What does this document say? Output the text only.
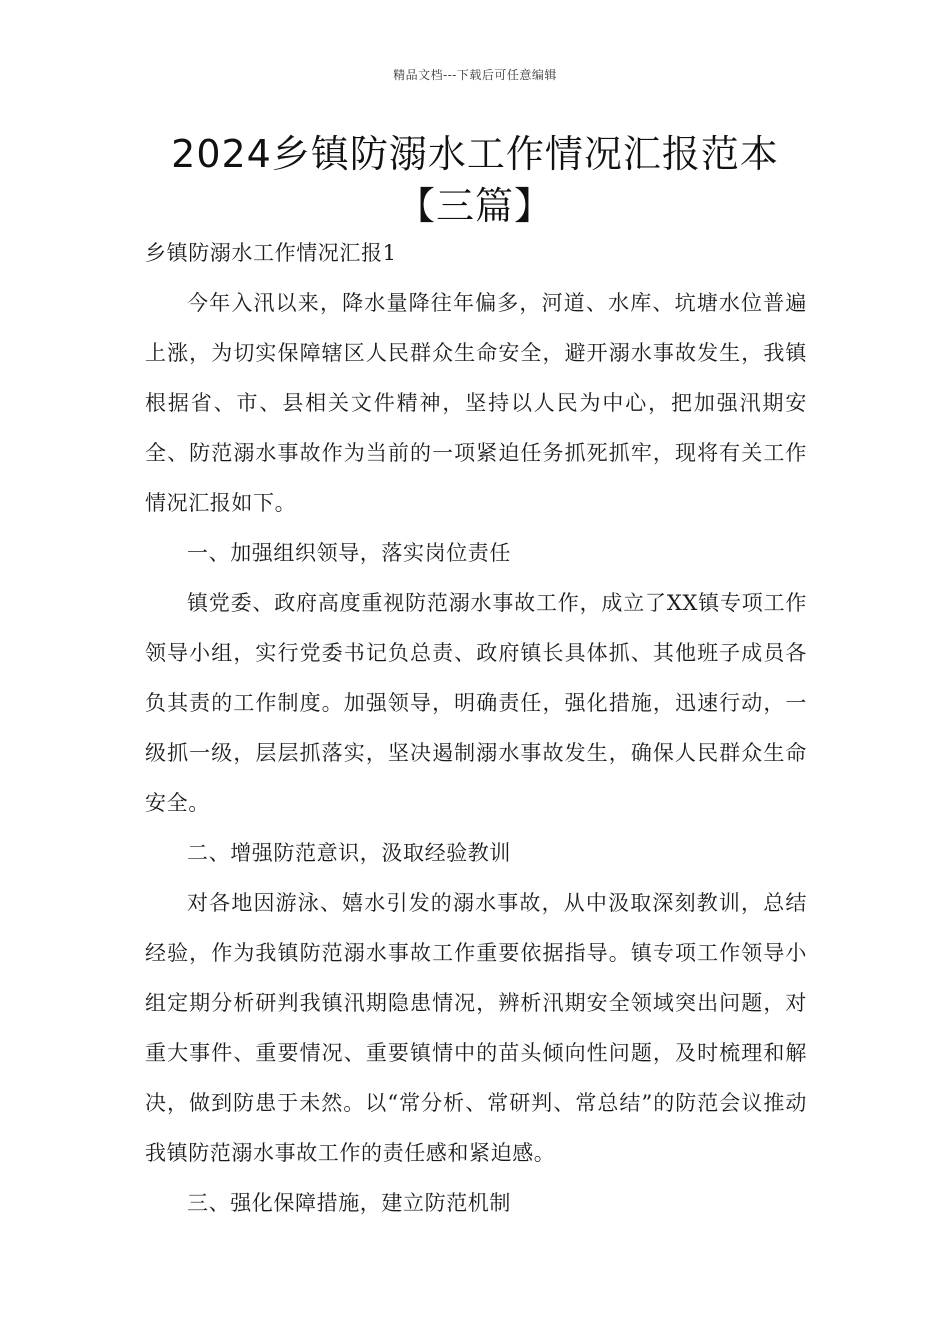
精品文档---下载后可任意编辑
2024乡镇防溺水工作情况汇报范本【三篇】

乡镇防溺水工作情况汇报1

今年入汛以来，降水量降往年偏多，河道、水库、坑塘水位普遍上涨，为切实保障辖区人民群众生命安全，避开溺水事故发生，我镇根据省、市、县相关文件精神，坚持以人民为中心，把加强汛期安全、防范溺水事故作为当前的一项紧迫任务抓死抓牢，现将有关工作情况汇报如下。

一、加强组织领导，落实岗位责任

镇党委、政府高度重视防范溺水事故工作，成立了XX镇专项工作领导小组，实行党委书记负总责、政府镇长具体抓、其他班子成员各负其责的工作制度。加强领导，明确责任，强化措施，迅速行动，一级抓一级，层层抓落实，坚决遏制溺水事故发生，确保人民群众生命安全。

二、增强防范意识，汲取经验教训

对各地因游泳、嬉水引发的溺水事故，从中汲取深刻教训，总结经验，作为我镇防范溺水事故工作重要依据指导。镇专项工作领导小组定期分析研判我镇汛期隐患情况，辨析汛期安全领域突出问题，对重大事件、重要情况、重要镇情中的苗头倾向性问题，及时梳理和解决，做到防患于未然。以“常分析、常研判、常总结”的防范会议推动我镇防范溺水事故工作的责任感和紧迫感。

三、强化保障措施，建立防范机制
